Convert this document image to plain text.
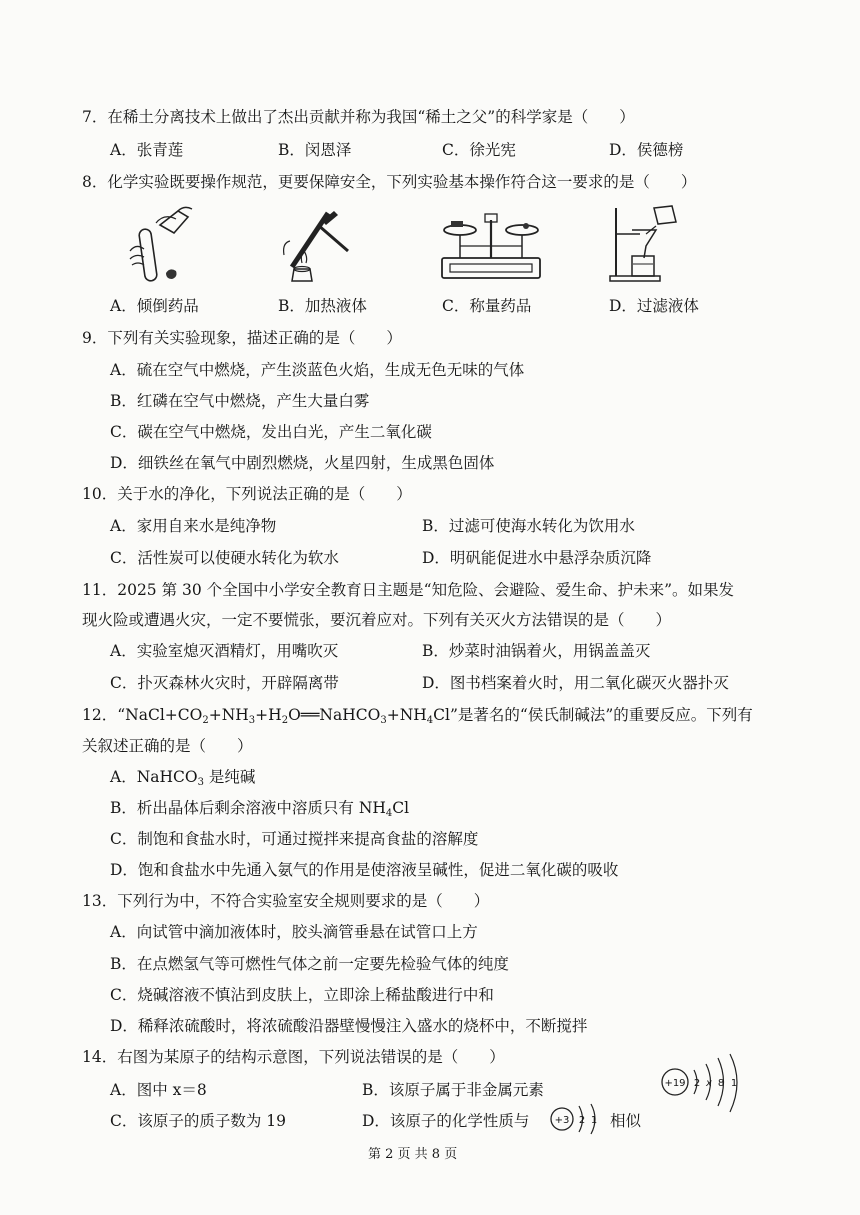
7．在稀土分离技术上做出了杰出贡献并称为我国“稀土之父”的科学家是（　　）
A．张青莲	B．闵恩泽	C．徐光宪	D．侯德榜
8．化学实验既要操作规范，更要保障安全，下列实验基本操作符合这一要求的是（　　）
A．倾倒药品	B．加热液体	C．称量药品	D．过滤液体
9．下列有关实验现象，描述正确的是（　　）
A．硫在空气中燃烧，产生淡蓝色火焰，生成无色无味的气体
B．红磷在空气中燃烧，产生大量白雾
C．碳在空气中燃烧，发出白光，产生二氧化碳
D．细铁丝在氧气中剧烈燃烧，火星四射，生成黑色固体
10．关于水的净化，下列说法正确的是（　　）
A．家用自来水是纯净物	B．过滤可使海水转化为饮用水
C．活性炭可以使硬水转化为软水	D．明矾能促进水中悬浮杂质沉降
11．2025 第 30 个全国中小学安全教育日主题是“知危险、会避险、爱生命、护未来”。如果发
现火险或遭遇火灾，一定不要慌张，要沉着应对。下列有关灭火方法错误的是（　　）
A．实验室熄灭酒精灯，用嘴吹灭	B．炒菜时油锅着火，用锅盖盖灭
C．扑灭森林火灾时，开辟隔离带	D．图书档案着火时，用二氧化碳灭火器扑灭
12．“$NaCl+CO_2+NH_3+H_2O══NaHCO_3+NH_4Cl$”是著名的“侯氏制碱法”的重要反应。下列有
关叙述正确的是（　　）
A．NaHCO$_3$ 是纯碱
B．析出晶体后剩余溶液中溶质只有 $NH_4Cl$
C．制饱和食盐水时，可通过搅拌来提高食盐的溶解度
D．饱和食盐水中先通入氨气的作用是使溶液呈碱性，促进二氧化碳的吸收
13．下列行为中，不符合实验室安全规则要求的是（　　）
A．向试管中滴加液体时，胶头滴管垂悬在试管口上方
B．在点燃氢气等可燃性气体之前一定要先检验气体的纯度
C．烧碱溶液不慎沾到皮肤上，立即涂上稀盐酸进行中和
D．稀释浓硫酸时，将浓硫酸沿器壁慢慢注入盛水的烧杯中，不断搅拌
14．右图为某原子的结构示意图，下列说法错误的是（　　）
A．图中 x＝8	B．该原子属于非金属元素
C．该原子的质子数为 19	D．该原子的化学性质与	+3 2 1 相似
+19 2 x 8 1
第 2 页 共 8 页
